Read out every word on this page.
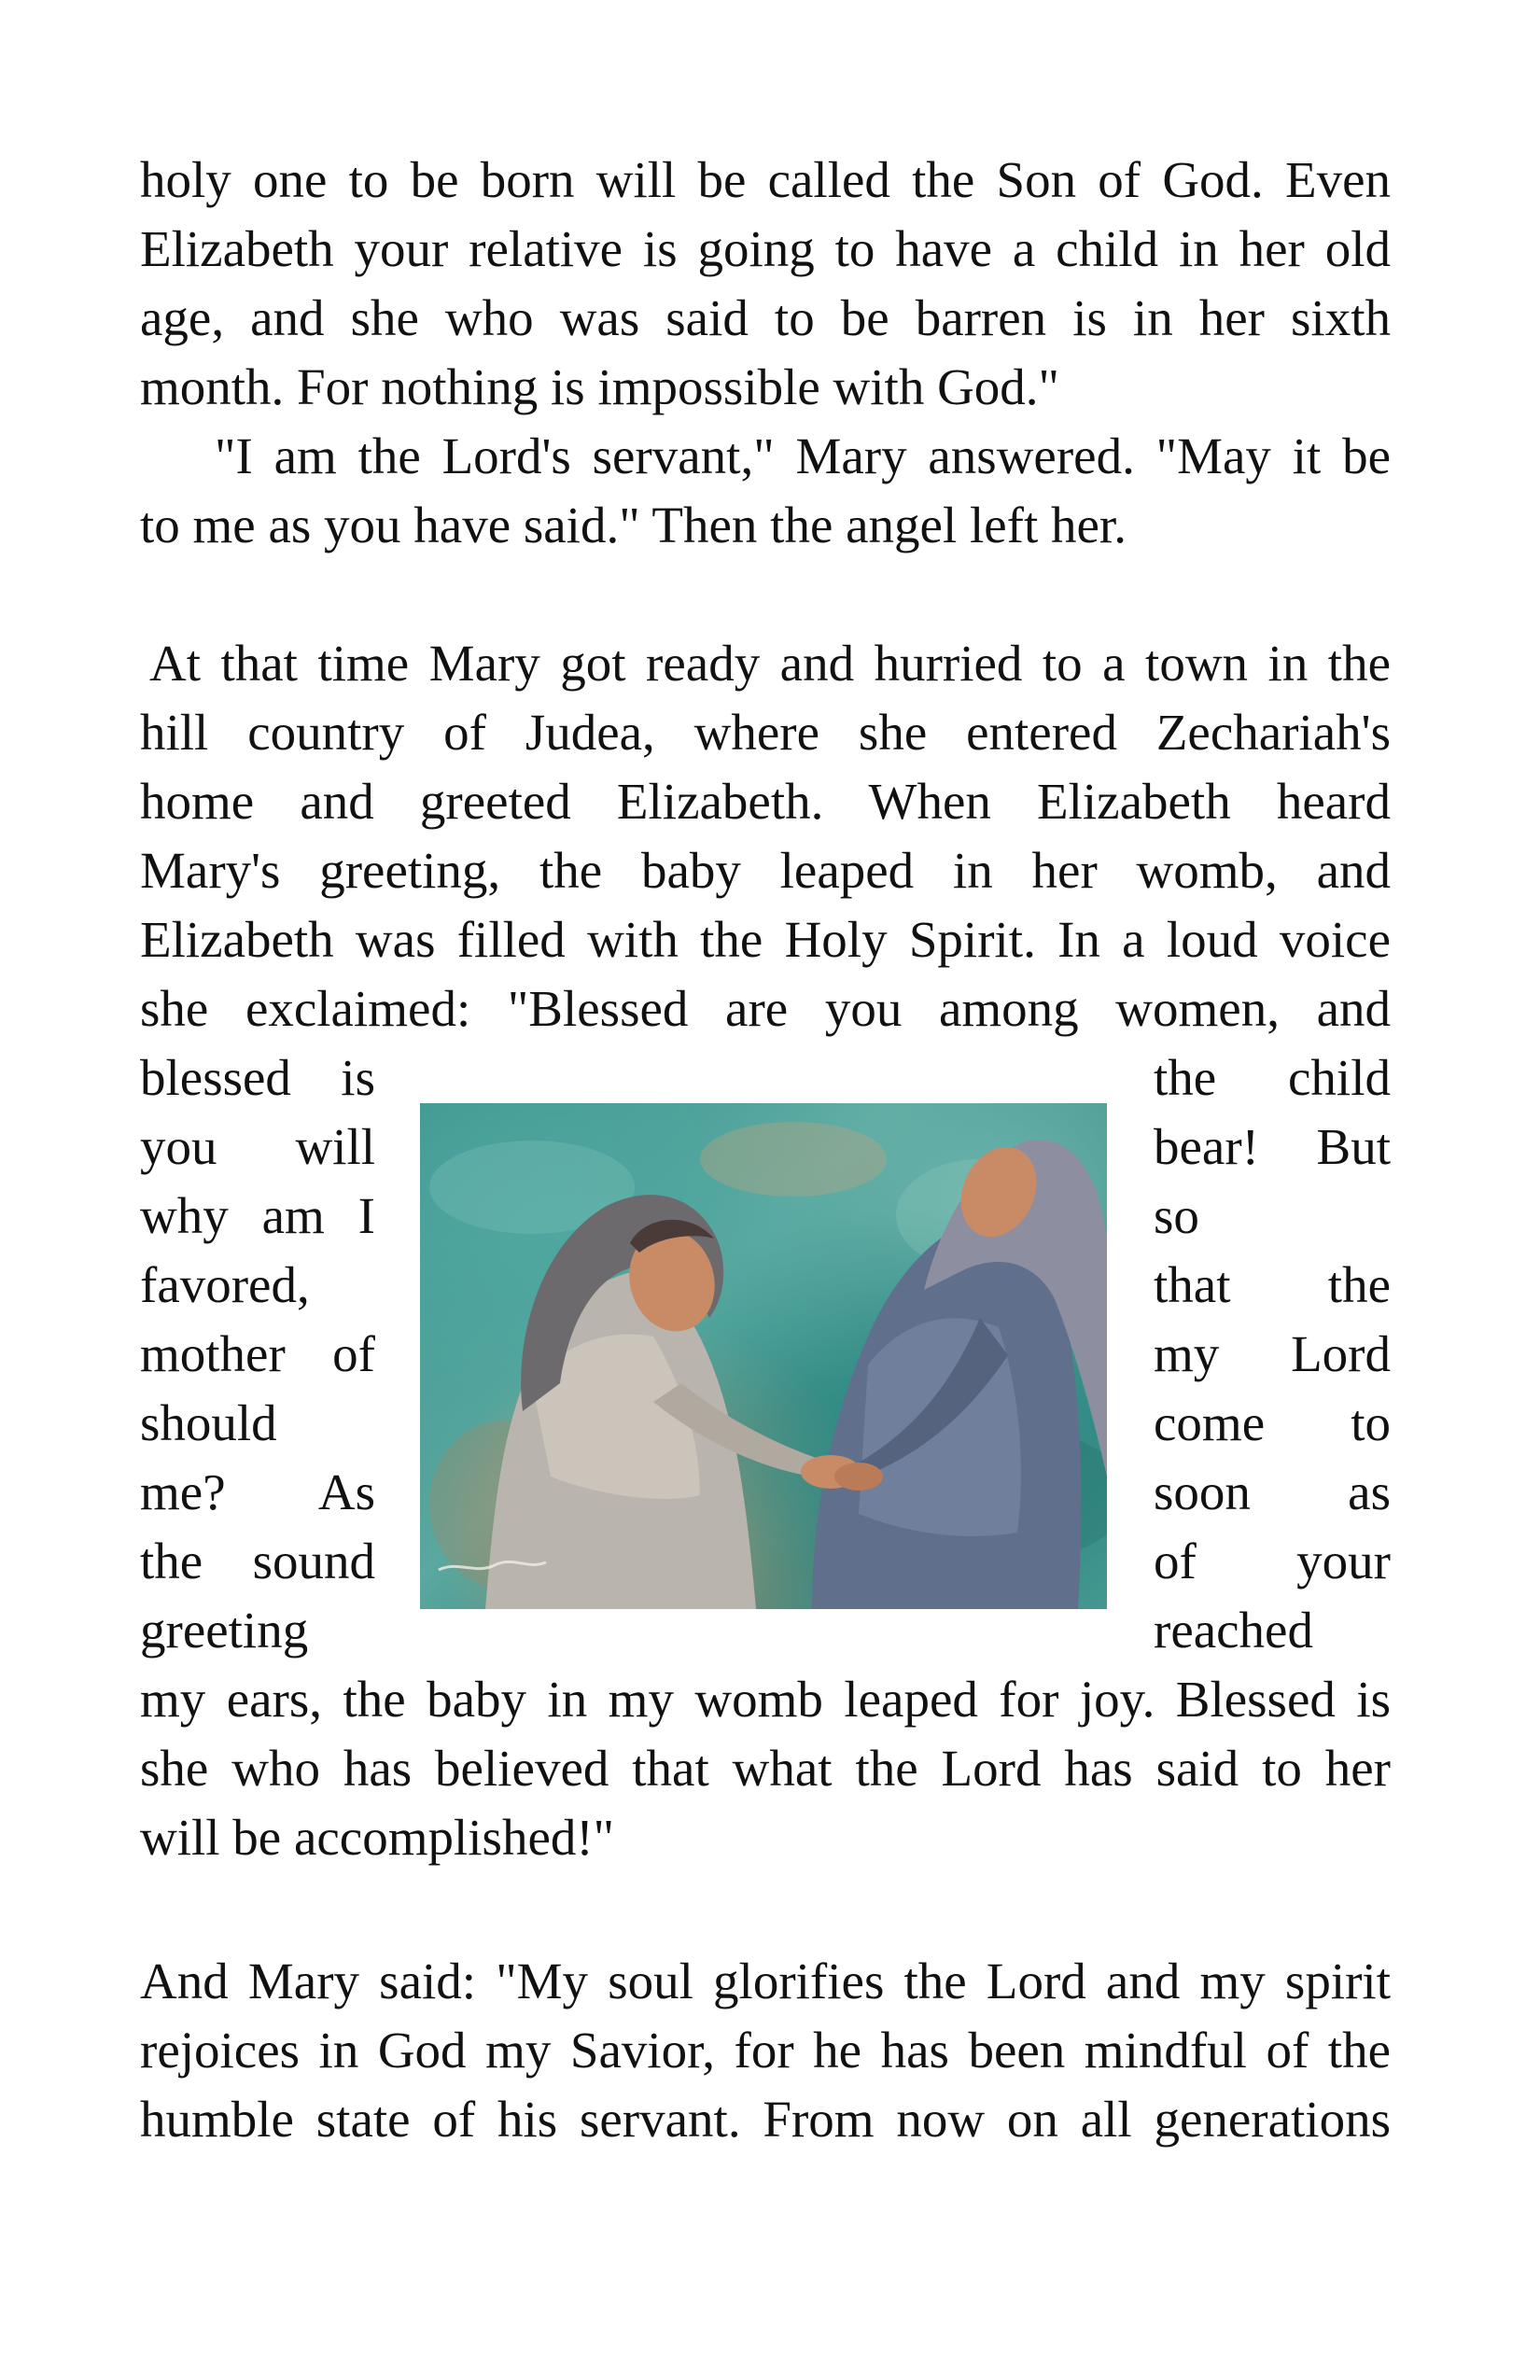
holy one to be born will be called the Son of God. Even
Elizabeth your relative is going to have a child in her old
age, and she who was said to be barren is in her sixth
month. For nothing is impossible with God."
"I am the Lord's servant," Mary answered. "May it be
to me as you have said." Then the angel left her.
At that time Mary got ready and hurried to a town in the
hill country of Judea, where she entered Zechariah's
home and greeted Elizabeth. When Elizabeth heard
Mary's greeting, the baby leaped in her womb, and
Elizabeth was filled with the Holy Spirit. In a loud voice
she exclaimed: "Blessed are you among women, and
blessed is
you will
why am I
favored,
mother of
should
me? As
the sound
greeting
the child
bear! But
so
that the
my Lord
come to
soon as
of your
reached
my ears, the baby in my womb leaped for joy. Blessed is
she who has believed that what the Lord has said to her
will be accomplished!"
And Mary said: "My soul glorifies the Lord and my spirit
rejoices in God my Savior, for he has been mindful of the
humble state of his servant. From now on all generations
